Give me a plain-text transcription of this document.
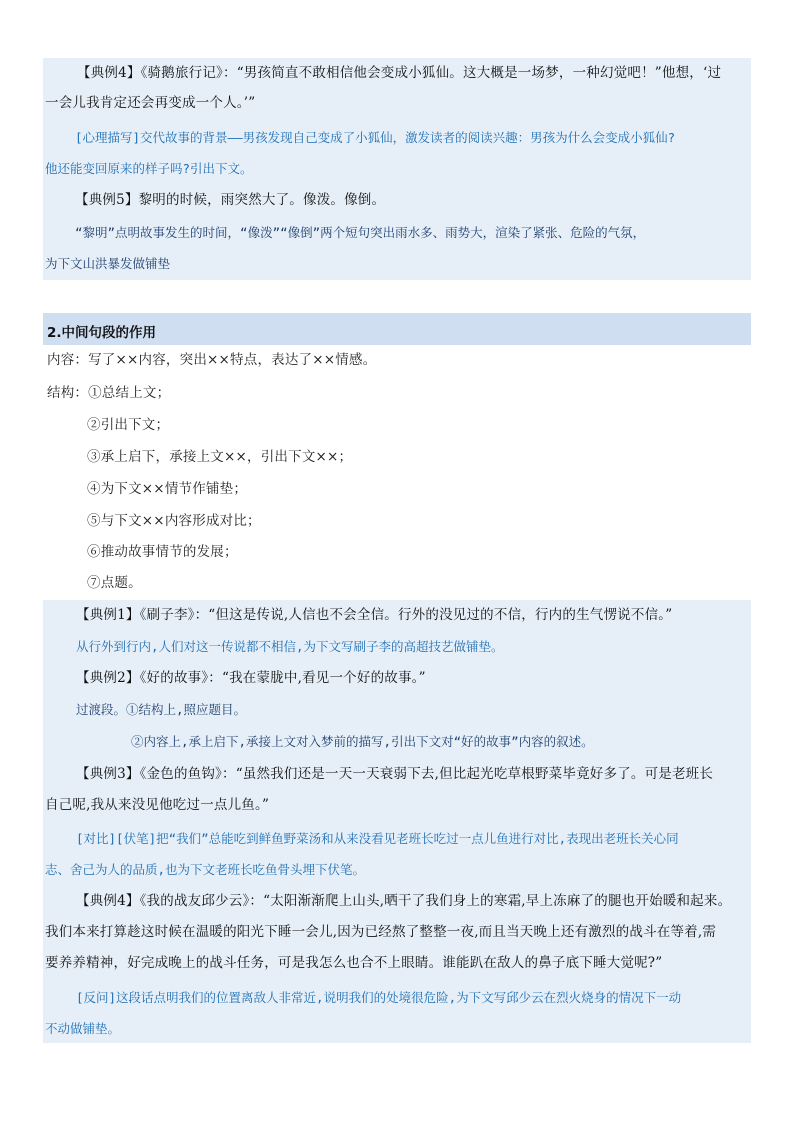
【典例4】《骑鹅旅行记》：“男孩简直不敢相信他会变成小狐仙。这大概是一场梦，一种幻觉吧！”他想，‘过
一会儿我肯定还会再变成一个人。’”
[心理描写]交代故事的背景——男孩发现自己变成了小狐仙，激发读者的阅读兴趣：男孩为什么会变成小狐仙?
他还能变回原来的样子吗?引出下文。
【典例5】黎明的时候，雨突然大了。像泼。像倒。
“黎明”点明故事发生的时间，“像泼”“像倒”两个短句突出雨水多、雨势大，渲染了紧张、危险的气氛，
为下文山洪暴发做铺垫
2.中间句段的作用
内容：写了××内容，突出××特点，表达了××情感。
结构：①总结上文；
②引出下文；
③承上启下，承接上文××，引出下文××；
④为下文××情节作铺垫；
⑤与下文××内容形成对比；
⑥推动故事情节的发展；
⑦点题。
【典例1】《刷子李》：“但这是传说,人信也不会全信。行外的没见过的不信，行内的生气愣说不信。”
从行外到行内,人们对这一传说都不相信,为下文写刷子李的高超技艺做铺垫。
【典例2】《好的故事》：“我在蒙胧中,看见一个好的故事。”
过渡段。①结构上,照应题目。
②内容上,承上启下,承接上文对入梦前的描写,引出下文对“好的故事”内容的叙述。
【典例3】《金色的鱼钩》：“虽然我们还是一天一天衰弱下去,但比起光吃草根野菜毕竟好多了。可是老班长
自己呢,我从来没见他吃过一点儿鱼。”
[对比][伏笔]把“我们”总能吃到鲜鱼野菜汤和从来没看见老班长吃过一点儿鱼进行对比,表现出老班长关心同
志、舍己为人的品质,也为下文老班长吃鱼骨头埋下伏笔。
【典例4】《我的战友邱少云》：“太阳渐渐爬上山头,晒干了我们身上的寒霜,早上冻麻了的腿也开始暖和起来。
我们本来打算趁这时候在温暖的阳光下睡一会儿,因为已经熬了整整一夜,而且当天晚上还有激烈的战斗在等着,需
要养养精神，好完成晚上的战斗任务，可是我怎么也合不上眼睛。谁能趴在敌人的鼻子底下睡大觉呢?”
[反问]这段话点明我们的位置离敌人非常近,说明我们的处境很危险,为下文写邱少云在烈火烧身的情况下一动
不动做铺垫。
